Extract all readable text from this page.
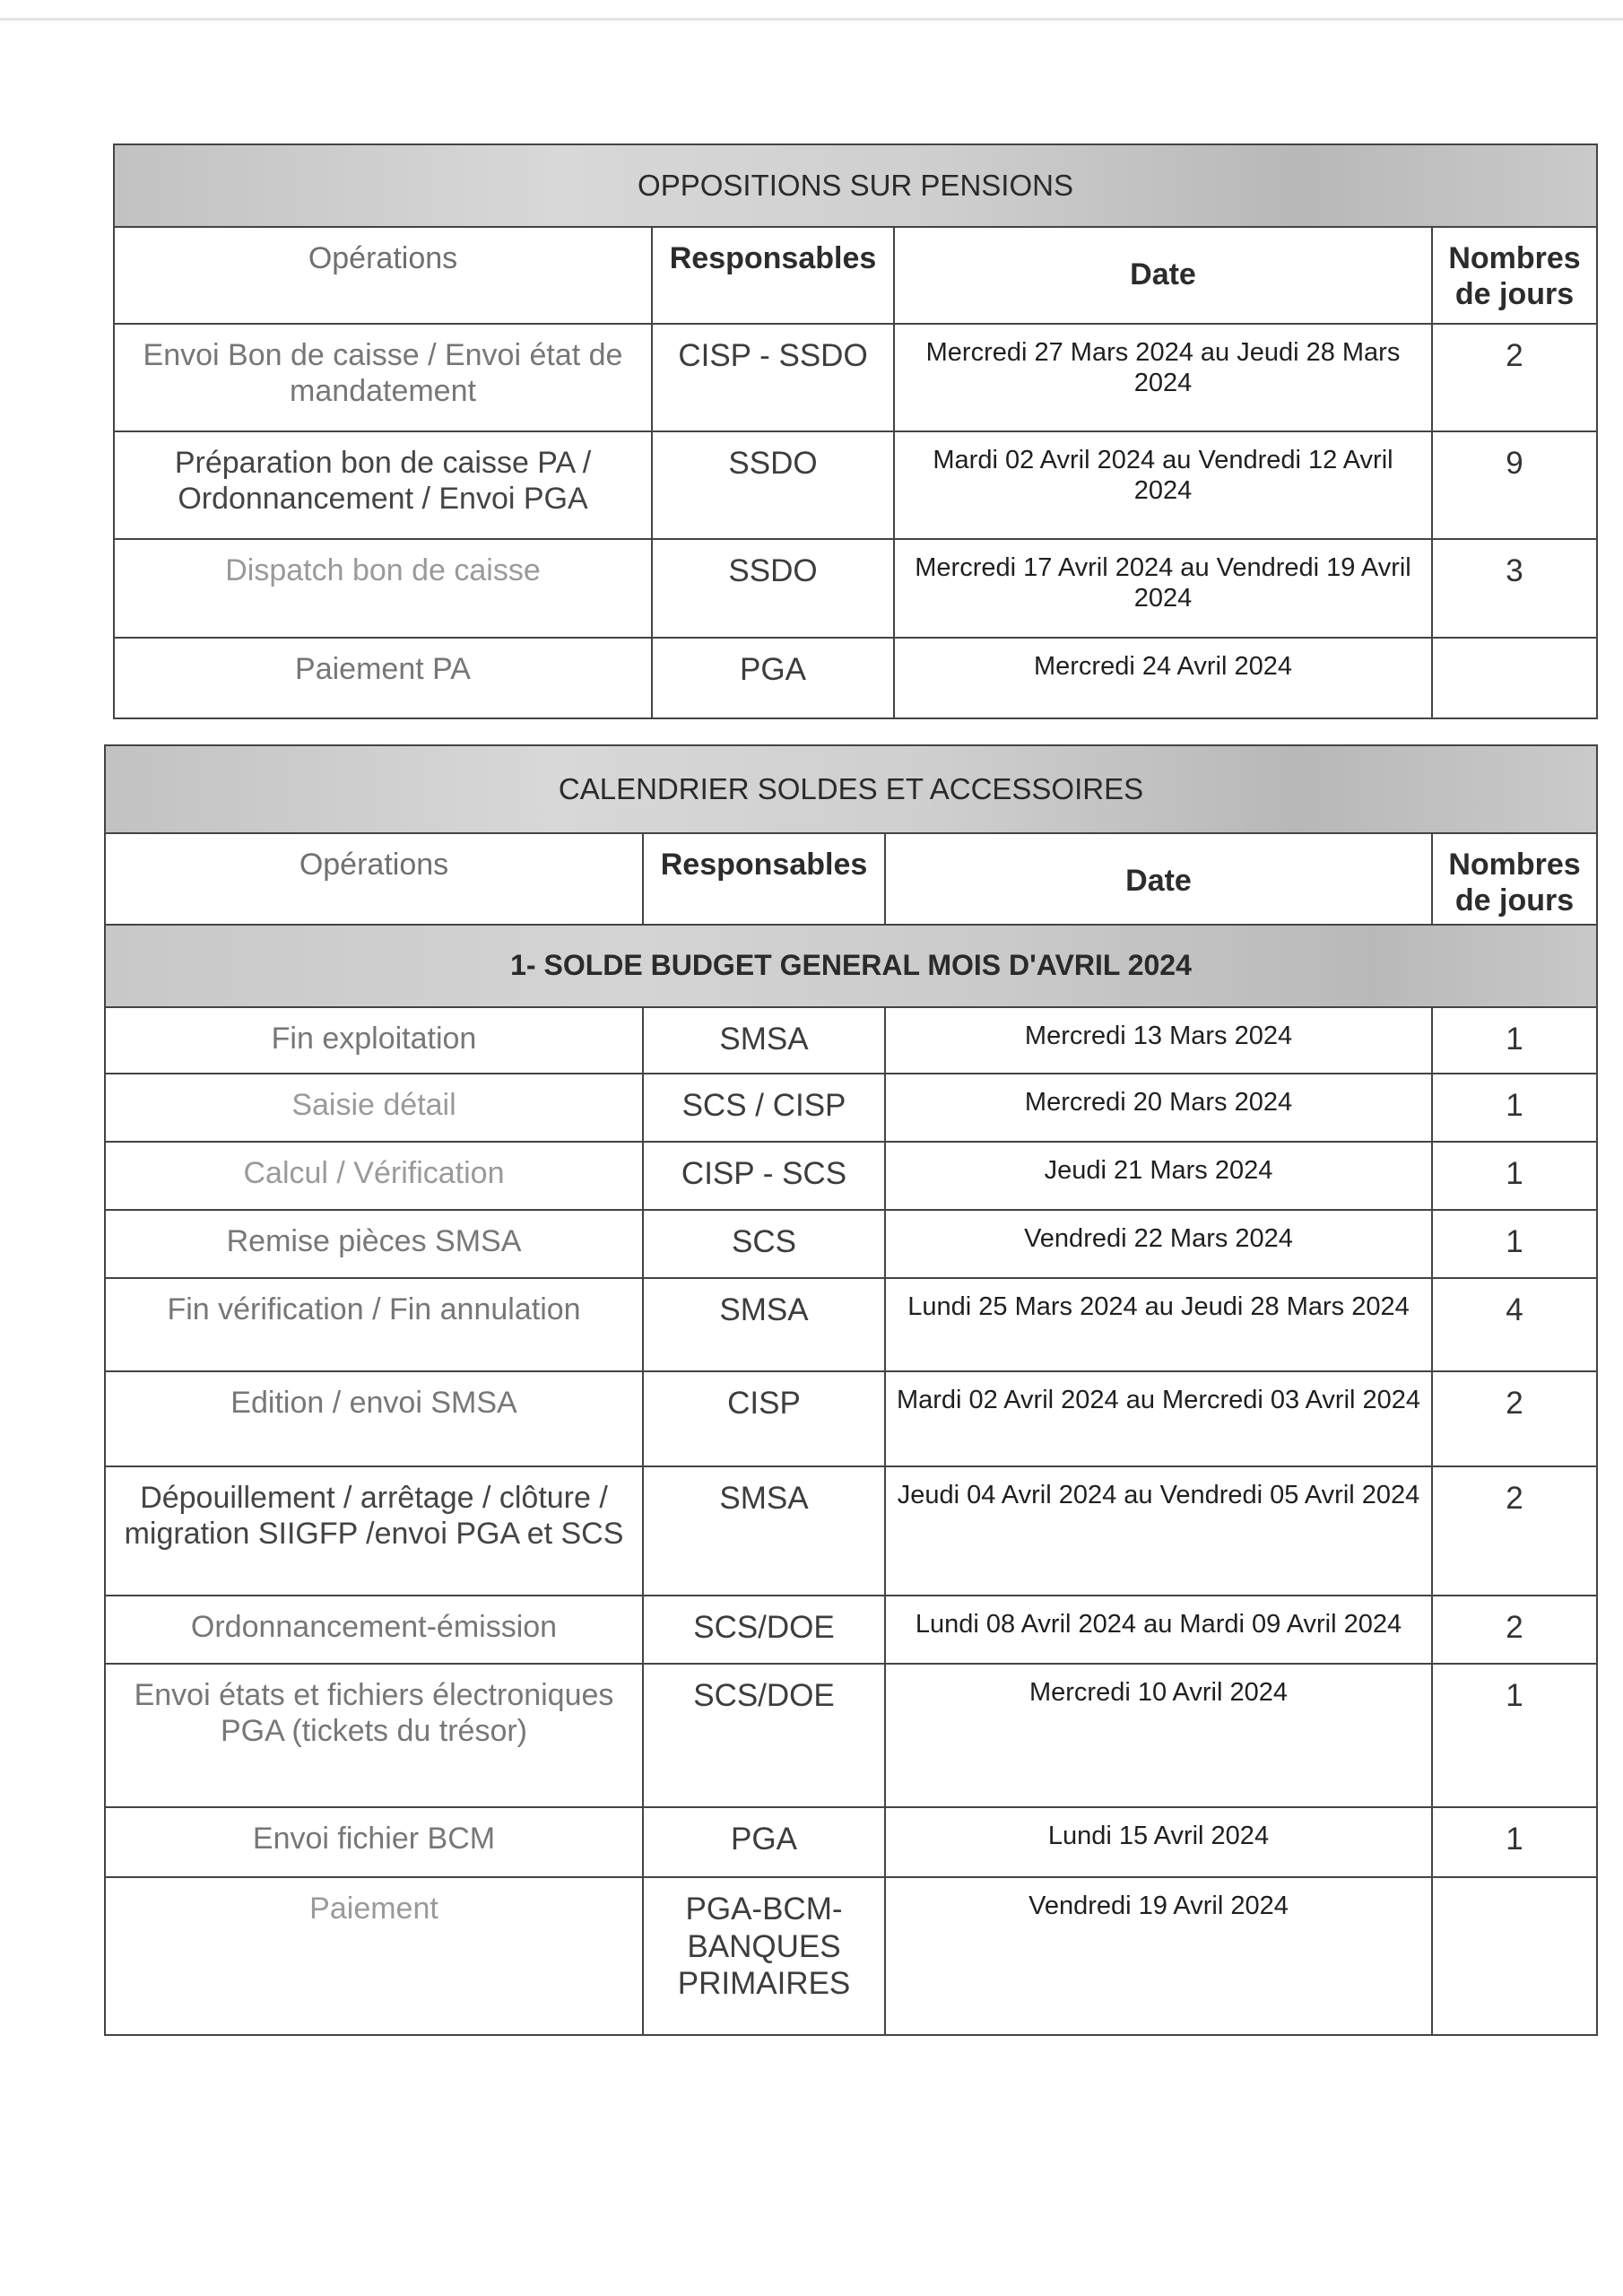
OPPOSITIONS SUR PENSIONS			
Opérations	Responsables	Date	Nombres de jours
Envoi Bon de caisse / Envoi état de mandatement	CISP - SSDO	Mercredi 27 Mars 2024 au Jeudi 28 Mars 2024	2
Préparation bon de caisse PA / Ordonnancement / Envoi PGA	SSDO	Mardi 02 Avril 2024 au Vendredi 12 Avril 2024	9
Dispatch bon de caisse	SSDO	Mercredi 17 Avril 2024 au Vendredi 19 Avril 2024	3
Paiement PA	PGA	Mercredi 24 Avril 2024	
CALENDRIER SOLDES ET ACCESSOIRES			
Opérations	Responsables	Date	Nombres de jours
1- SOLDE BUDGET GENERAL MOIS D'AVRIL 2024			
Fin exploitation	SMSA	Mercredi 13 Mars 2024	1
Saisie détail	SCS / CISP	Mercredi 20 Mars 2024	1
Calcul / Vérification	CISP - SCS	Jeudi 21 Mars 2024	1
Remise pièces SMSA	SCS	Vendredi 22 Mars 2024	1
Fin vérification / Fin annulation	SMSA	Lundi 25 Mars 2024 au Jeudi 28 Mars 2024	4
Edition / envoi SMSA	CISP	Mardi 02 Avril 2024 au Mercredi 03 Avril 2024	2
Dépouillement / arrêtage / clôture / migration SIIGFP /envoi PGA et SCS	SMSA	Jeudi 04 Avril 2024 au Vendredi 05 Avril 2024	2
Ordonnancement-émission	SCS/DOE	Lundi 08 Avril 2024 au Mardi 09 Avril 2024	2
Envoi états et fichiers électroniques PGA (tickets du trésor)	SCS/DOE	Mercredi 10 Avril 2024	1
Envoi fichier BCM	PGA	Lundi 15 Avril 2024	1
Paiement	PGA-BCM-BANQUES PRIMAIRES	Vendredi 19 Avril 2024	
